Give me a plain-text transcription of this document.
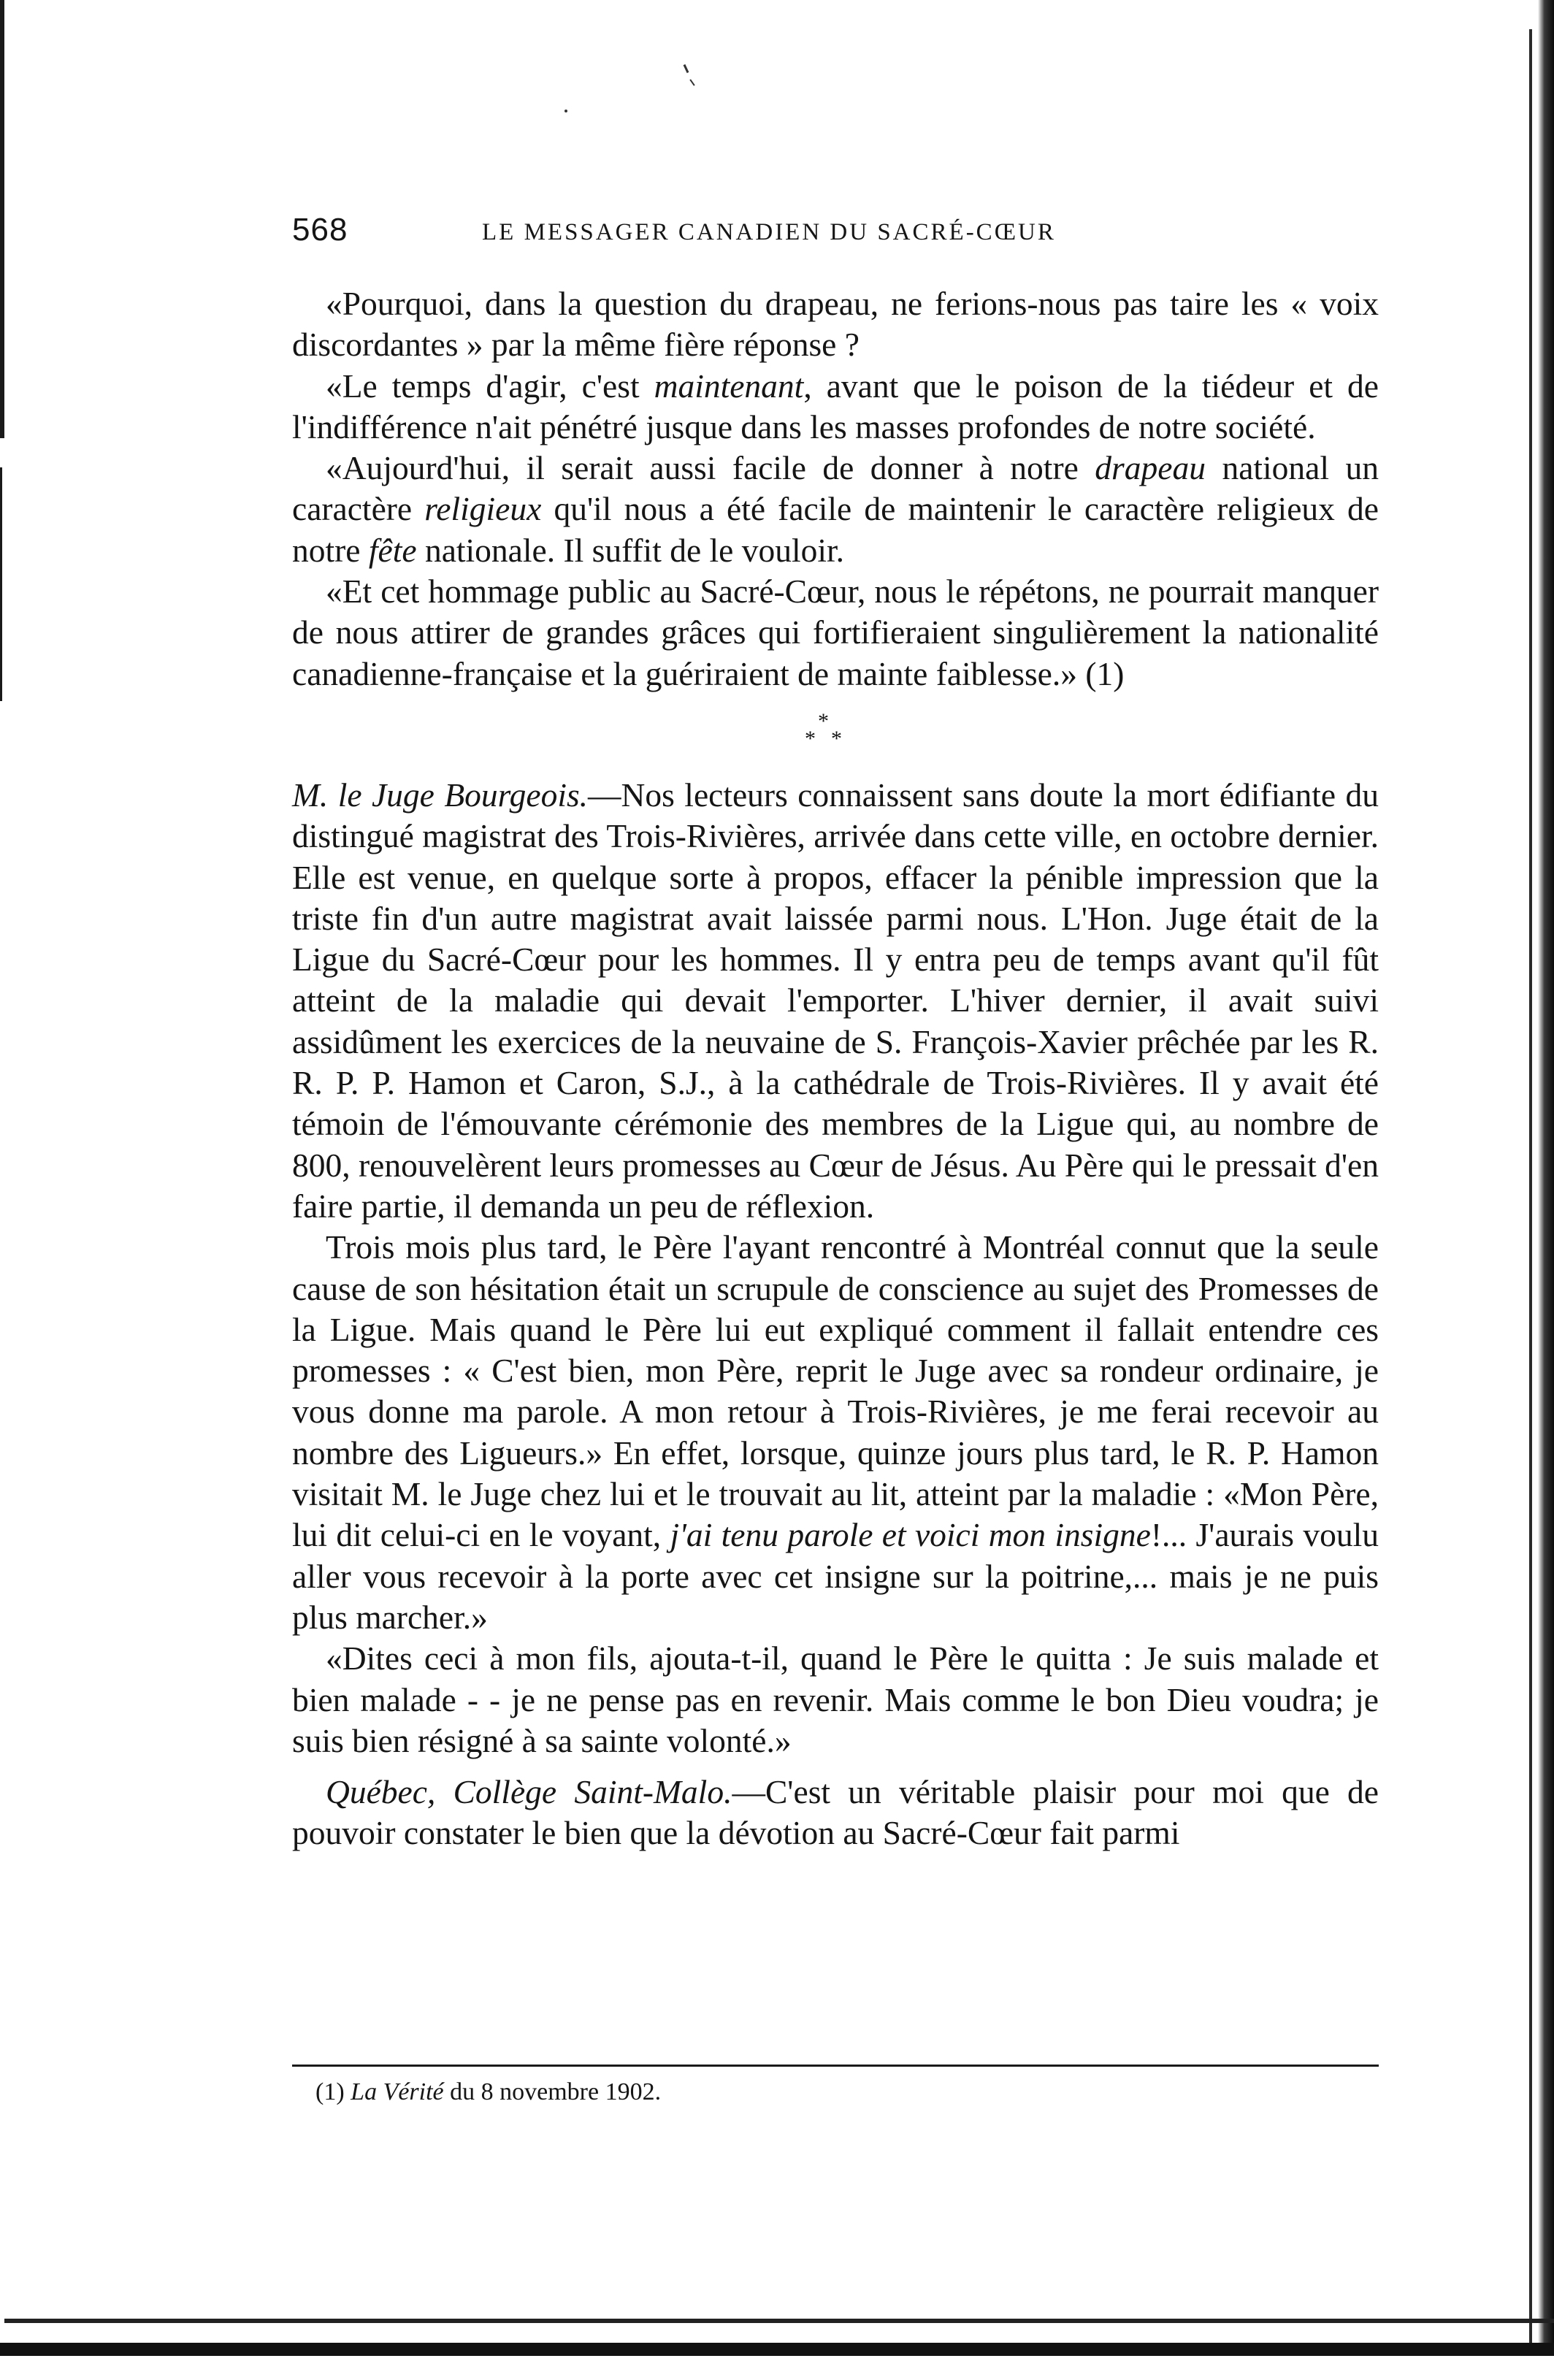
568	LE MESSAGER CANADIEN DU SACRÉ-CŒUR

«Pourquoi, dans la question du drapeau, ne ferions-nous pas taire les « voix discordantes » par la même fière réponse ?

«Le temps d'agir, c'est maintenant, avant que le poison de la tiédeur et de l'indifférence n'ait pénétré jusque dans les masses profondes de notre société.

«Aujourd'hui, il serait aussi facile de donner à notre drapeau national un caractère religieux qu'il nous a été facile de maintenir le caractère religieux de notre fête nationale. Il suffit de le vouloir.

«Et cet hommage public au Sacré-Cœur, nous le répétons, ne pourrait manquer de nous attirer de grandes grâces qui fortifieraient singulièrement la nationalité canadienne-française et la guériraient de mainte faiblesse.» (1)

*
* *

M. le Juge Bourgeois.—Nos lecteurs connaissent sans doute la mort édifiante du distingué magistrat des Trois-Rivières, arrivée dans cette ville, en octobre dernier. Elle est venue, en quelque sorte à propos, effacer la pénible impression que la triste fin d'un autre magistrat avait laissée parmi nous. L'Hon. Juge était de la Ligue du Sacré-Cœur pour les hommes. Il y entra peu de temps avant qu'il fût atteint de la maladie qui devait l'emporter. L'hiver dernier, il avait suivi assidûment les exercices de la neuvaine de S. François-Xavier prêchée par les R. R. P. P. Hamon et Caron, S.J., à la cathédrale de Trois-Rivières. Il y avait été témoin de l'émouvante cérémonie des membres de la Ligue qui, au nombre de 800, renouvelèrent leurs promesses au Cœur de Jésus. Au Père qui le pressait d'en faire partie, il demanda un peu de réflexion.

Trois mois plus tard, le Père l'ayant rencontré à Montréal connut que la seule cause de son hésitation était un scrupule de conscience au sujet des Promesses de la Ligue. Mais quand le Père lui eut expliqué comment il fallait entendre ces promesses : « C'est bien, mon Père, reprit le Juge avec sa rondeur ordinaire, je vous donne ma parole. A mon retour à Trois-Rivières, je me ferai recevoir au nombre des Ligueurs.» En effet, lorsque, quinze jours plus tard, le R. P. Hamon visitait M. le Juge chez lui et le trouvait au lit, atteint par la maladie : «Mon Père, lui dit celui-ci en le voyant, j'ai tenu parole et voici mon insigne!... J'aurais voulu aller vous recevoir à la porte avec cet insigne sur la poitrine,... mais je ne puis plus marcher.»

«Dites ceci à mon fils, ajouta-t-il, quand le Père le quitta : Je suis malade et bien malade - - je ne pense pas en revenir. Mais comme le bon Dieu voudra; je suis bien résigné à sa sainte volonté.»

Québec, Collège Saint-Malo.—C'est un véritable plaisir pour moi que de pouvoir constater le bien que la dévotion au Sacré-Cœur fait parmi

(1) La Vérité du 8 novembre 1902.
